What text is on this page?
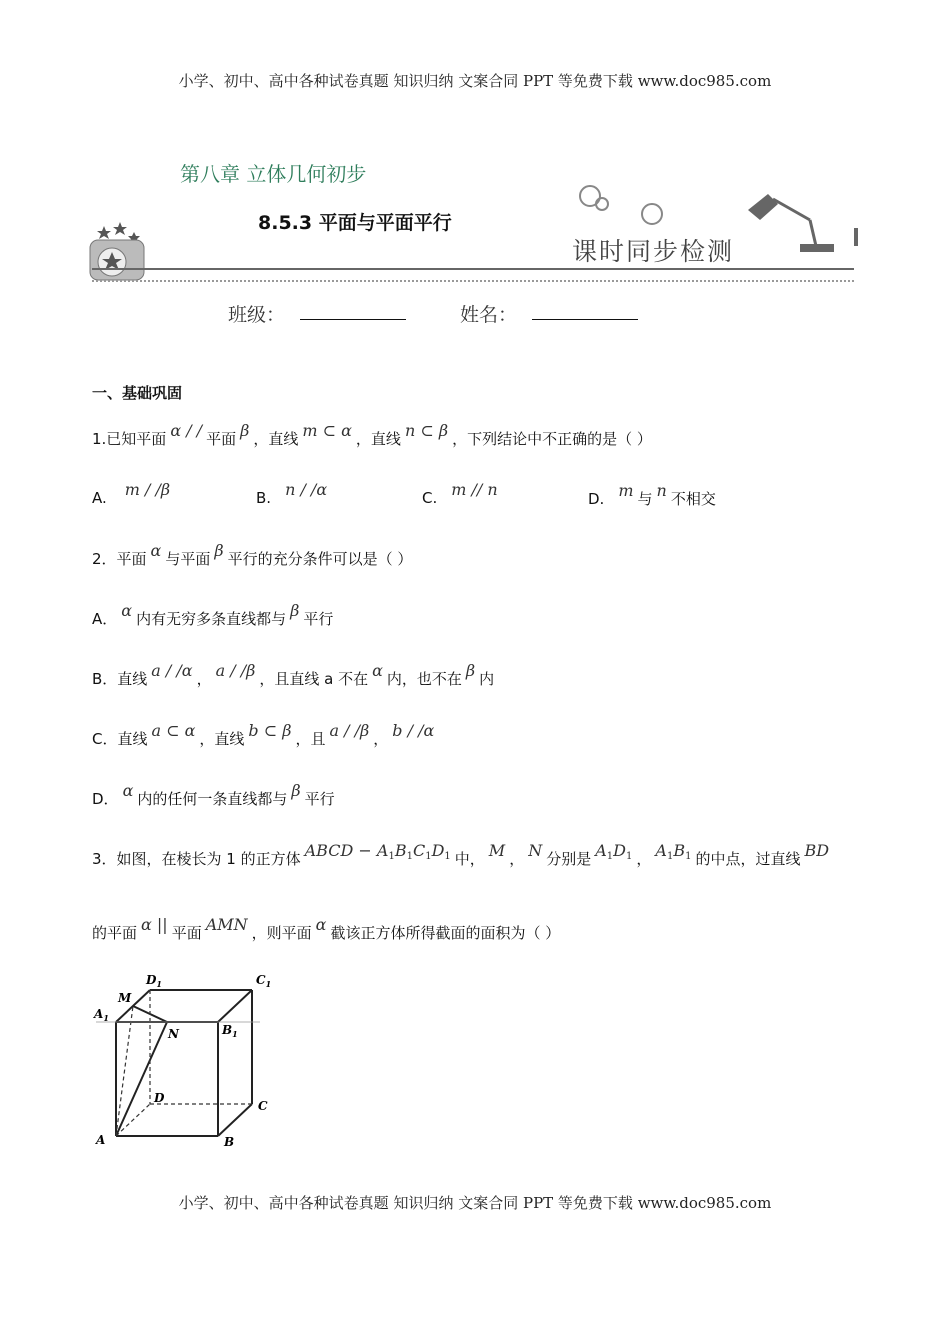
小学、初中、高中各种试卷真题 知识归纳 文案合同 PPT 等免费下载 www.doc985.com
第八章 立体几何初步
8.5.3 平面与平面平行
课时同步检测
班级：	姓名：
一、基础巩固
1.已知平面 α / / 平面 β ，直线 m ⊂ α ，直线 n ⊂ β ，下列结论中不正确的是（ ）
A. m / /β	B. n / /α	C. m // n	D. m 与 n 不相交
2．平面 α 与平面 β 平行的充分条件可以是（ ）
A． α 内有无穷多条直线都与 β 平行
B．直线 a / /α ， a / /β ，且直线 a 不在 α 内，也不在 β 内
C．直线 a ⊂ α ，直线 b ⊂ β ，且 a / /β ， b / /α
D． α 内的任何一条直线都与 β 平行
3．如图，在棱长为 1 的正方体 ABCD − $A_1B_1C_1D_1$ 中， M ， N 分别是 $A_1D_1$ ， $A_1B_1$ 的中点，过直线 BD
的平面 α || 平面 AMN ，则平面 α 截该正方体所得截面的面积为（ ）
$D_1$	$C_1$
M
$A_1$
N	$B_1$
D
C
A	B
小学、初中、高中各种试卷真题 知识归纳 文案合同 PPT 等免费下载 www.doc985.com
